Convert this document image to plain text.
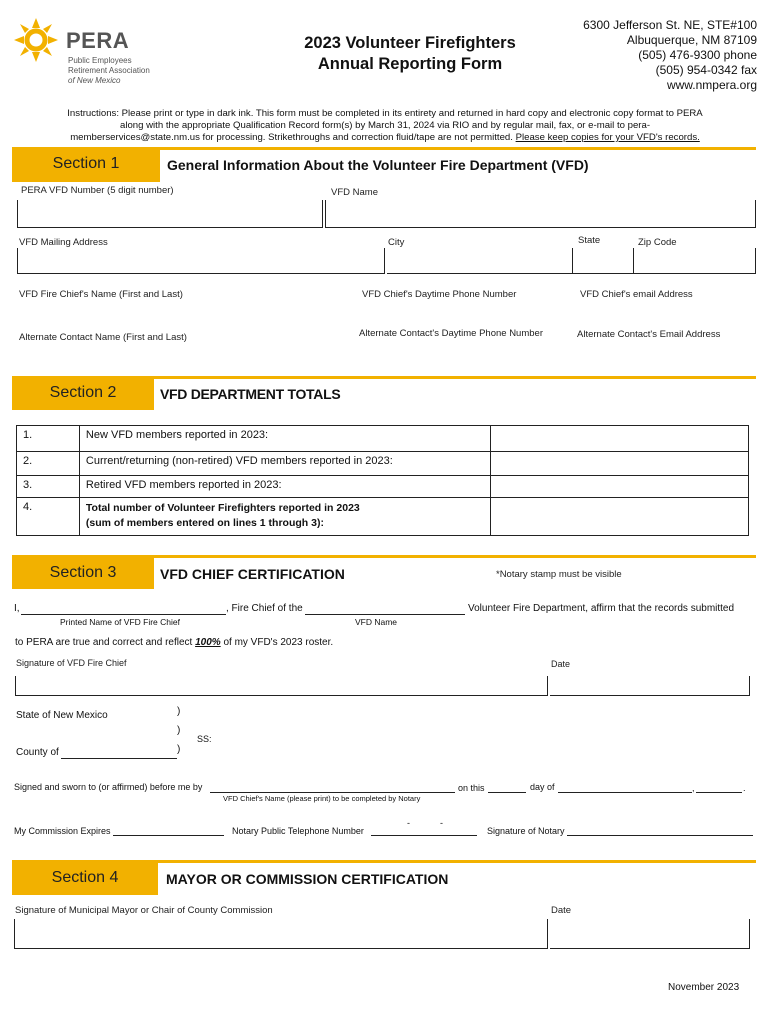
PERA
Public Employees
Retirement Association
of New Mexico
2023 Volunteer Firefighters
Annual Reporting Form
6300 Jefferson St. NE, STE#100
Albuquerque, NM 87109
(505) 476-9300 phone
(505) 954-0342 fax
www.nmpera.org
Instructions: Please print or type in dark ink. This form must be completed in its entirety and returned in hard copy and electronic copy format to PERA
along with the appropriate Qualification Record form(s) by March 31, 2024 via RIO and by regular mail, fax, or e-mail to pera-
memberservices@state.nm.us for processing. Strikethroughs and correction fluid/tape are not permitted. Please keep copies for your VFD's records.
Section 1	General Information About the Volunteer Fire Department (VFD)
PERA VFD Number (5 digit number)	VFD Name
VFD Mailing Address	City	State	Zip Code
VFD Fire Chief's Name (First and Last)	VFD Chief's Daytime Phone Number	VFD Chief's email Address
Alternate Contact Name (First and Last)	Alternate Contact's Daytime Phone Number	Alternate Contact's Email Address
Section 2	VFD DEPARTMENT TOTALS
1.	New VFD members reported in 2023:	
2.	Current/returning (non-retired) VFD members reported in 2023:	
3.	Retired VFD members reported in 2023:	
4.	Total number of Volunteer Firefighters reported in 2023
(sum of members entered on lines 1 through 3):	

Section 3	VFD CHIEF CERTIFICATION	*Notary stamp must be visible
I,	, Fire Chief of the	Volunteer Fire Department, affirm that the records submitted
Printed Name of VFD Fire Chief	VFD Name
to PERA are true and correct and reflect 100% of my VFD's 2023 roster.
Signature of VFD Fire Chief	Date
State of New Mexico	)
)
)
SS:
County of
Signed and sworn to (or affirmed) before me by	on this	day of	,	.
VFD Chief's Name (please print) to be completed by Notary
My Commission Expires	Notary Public Telephone Number
-	-
Signature of Notary
Section 4	MAYOR OR COMMISSION CERTIFICATION
Signature of Municipal Mayor or Chair of County Commission	Date
November 2023
